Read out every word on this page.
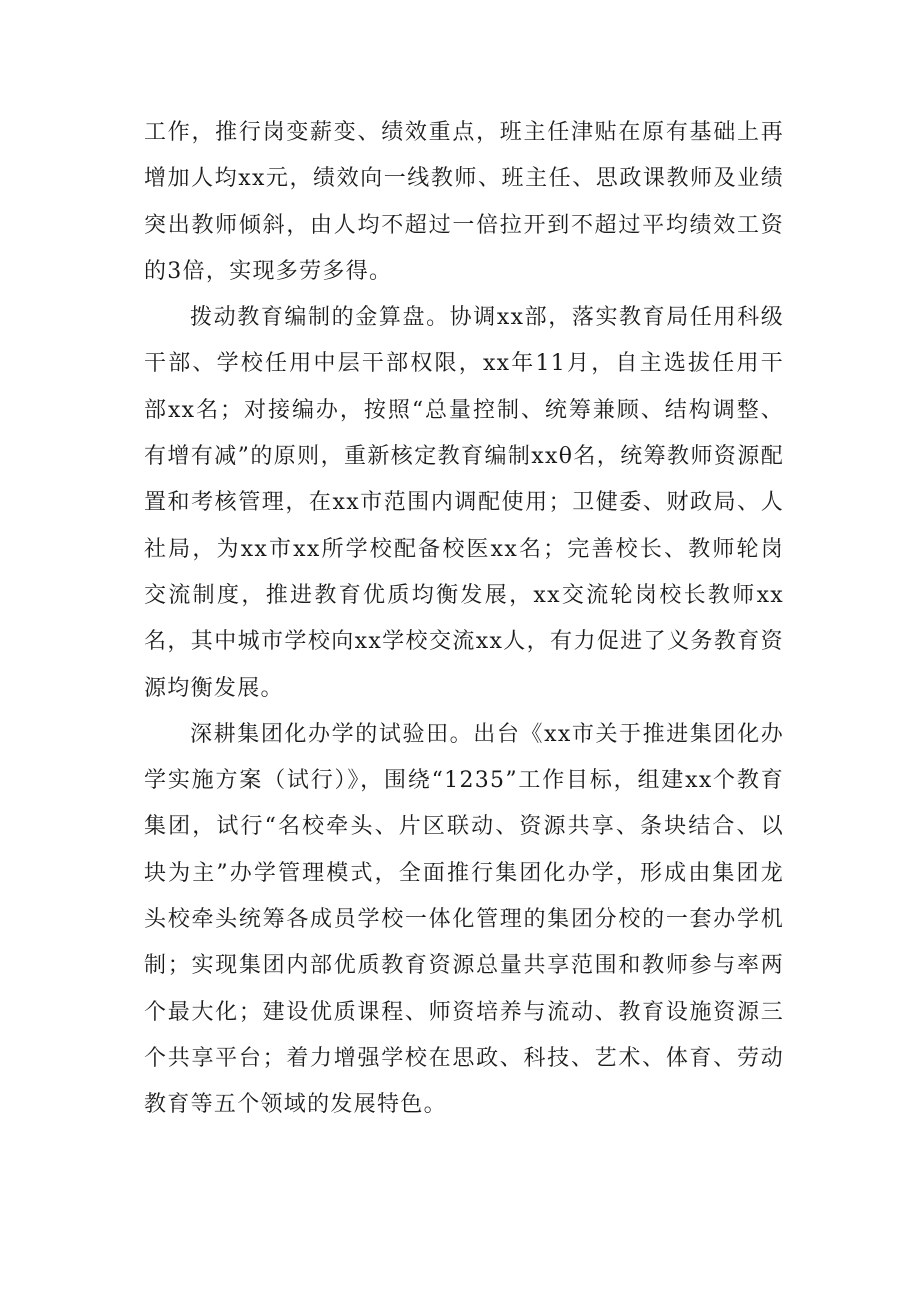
工作，推行岗变薪变、绩效重点，班主任津贴在原有基础上再增加人均xx元，绩效向一线教师、班主任、思政课教师及业绩突出教师倾斜，由人均不超过一倍拉开到不超过平均绩效工资的3倍，实现多劳多得。

拨动教育编制的金算盘。协调xx部，落实教育局任用科级干部、学校任用中层干部权限，xx年11月，自主选拔任用干部xx名；对接编办，按照“总量控制、统筹兼顾、结构调整、有增有减”的原则，重新核定教育编制xxθ名，统筹教师资源配置和考核管理，在xx市范围内调配使用；卫健委、财政局、人社局，为xx市xx所学校配备校医xx名；完善校长、教师轮岗交流制度，推进教育优质均衡发展，xx交流轮岗校长教师xx名，其中城市学校向xx学校交流xx人，有力促进了义务教育资源均衡发展。

深耕集团化办学的试验田。出台《xx市关于推进集团化办学实施方案（试行）》，围绕“1235”工作目标，组建xx个教育集团，试行“名校牵头、片区联动、资源共享、条块结合、以块为主”办学管理模式，全面推行集团化办学，形成由集团龙头校牵头统筹各成员学校一体化管理的集团分校的一套办学机制；实现集团内部优质教育资源总量共享范围和教师参与率两个最大化；建设优质课程、师资培养与流动、教育设施资源三个共享平台；着力增强学校在思政、科技、艺术、体育、劳动教育等五个领域的发展特色。
